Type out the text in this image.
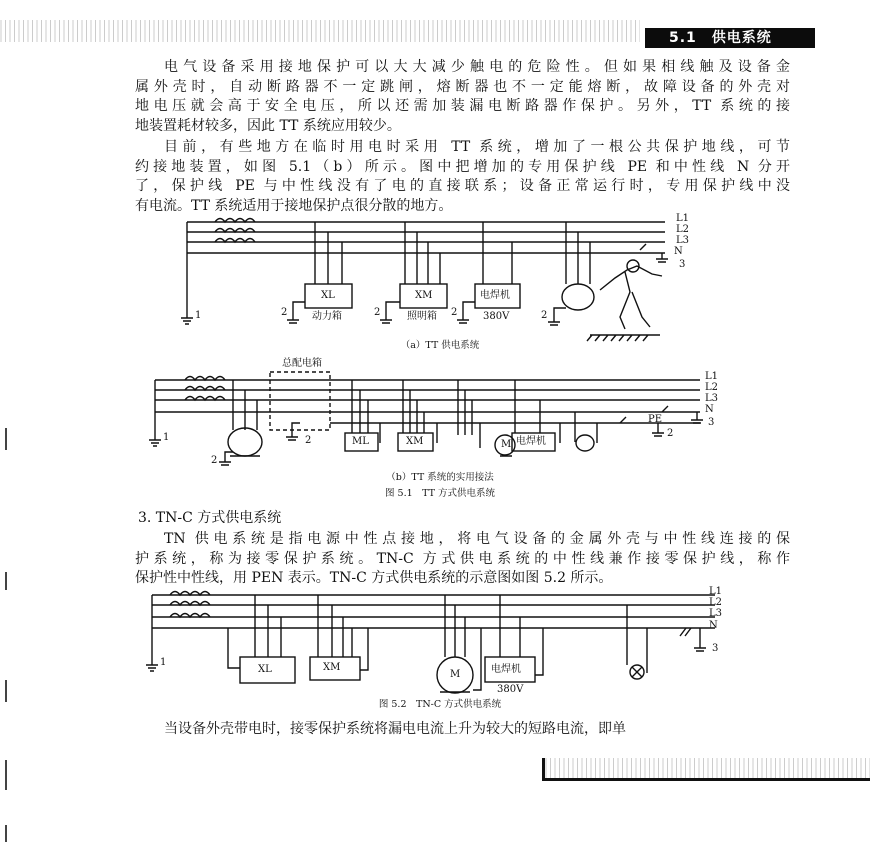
5.1　供电系统
电气设备采用接地保护可以大大减少触电的危险性。但如果相线触及设备金
属外壳时，自动断路器不一定跳闸，熔断器也不一定能熔断，故障设备的外壳对
地电压就会高于安全电压，所以还需加装漏电断路器作保护。另外，TT 系统的接
地装置耗材较多，因此 TT 系统应用较少。
目前，有些地方在临时用电时采用 TT 系统，增加了一根公共保护地线，可节
约接地装置，如图 5.1（b）所示。图中把增加的专用保护线 PE 和中性线 N 分开
了，保护线 PE 与中性线没有了电的直接联系；设备正常运行时，专用保护线中没
有电流。TT 系统适用于接地保护点很分散的地方。
L1
L2
L3
N
1	2	2	2	2
3
XL	XM	电焊机
动力箱	照明箱	380V
（a）TT 供电系统
总配电箱
L1
L2
L3
N
PE
1
2
2
2
3
ML	XM	M 电焊机
（b）TT 系统的实用接法
图 5.1　TT 方式供电系统
3. TN-C 方式供电系统
TN 供电系统是指电源中性点接地，将电气设备的金属外壳与中性线连接的保
护系统，称为接零保护系统。TN-C 方式供电系统的中性线兼作接零保护线，称作
保护性中性线，用 PEN 表示。TN-C 方式供电系统的示意图如图 5.2 所示。
L1
L2
L3
N
1
3
XL	XM
M	电焊机
380V
图 5.2　TN-C 方式供电系统
当设备外壳带电时，接零保护系统将漏电电流上升为较大的短路电流，即单
